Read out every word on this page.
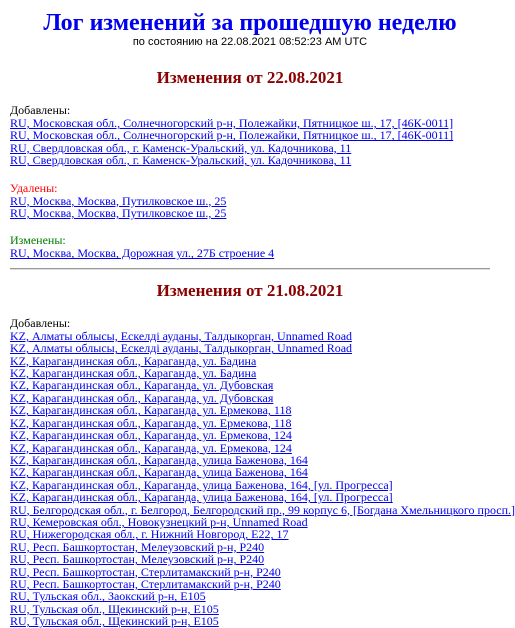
Лог изменений за прошедшую неделю

по состоянию на 22.08.2021 08:52:23 AM UTC

Изменения от 22.08.2021

Добавлены:

RU, Московская обл., Солнечногорский р-н, Полежайки, Пятницкое ш., 17, [46К-0011]
RU, Московская обл., Солнечногорский р-н, Полежайки, Пятницкое ш., 17, [46К-0011]
RU, Свердловская обл., г. Каменск-Уральский, ул. Кадочникова, 11
RU, Свердловская обл., г. Каменск-Уральский, ул. Кадочникова, 11

Удалены:

RU, Москва, Москва, Путилковское ш., 25
RU, Москва, Москва, Путилковское ш., 25

Изменены:

RU, Москва, Москва, Дорожная ул., 27Б строение 4
Изменения от 21.08.2021

Добавлены:

KZ, Алматы облысы, Ескелді ауданы, Талдыкорган, Unnamed Road
KZ, Алматы облысы, Ескелді ауданы, Талдыкорган, Unnamed Road
KZ, Карагандинская обл., Караганда, ул. Бадина
KZ, Карагандинская обл., Караганда, ул. Бадина
KZ, Карагандинская обл., Караганда, ул. Дубовская
KZ, Карагандинская обл., Караганда, ул. Дубовская
KZ, Карагандинская обл., Караганда, ул. Ермекова, 118
KZ, Карагандинская обл., Караганда, ул. Ермекова, 118
KZ, Карагандинская обл., Караганда, ул. Ермекова, 124
KZ, Карагандинская обл., Караганда, ул. Ермекова, 124
KZ, Карагандинская обл., Караганда, улица Баженова, 164
KZ, Карагандинская обл., Караганда, улица Баженова, 164
KZ, Карагандинская обл., Караганда, улица Баженова, 164, [ул. Прогресса]
KZ, Карагандинская обл., Караганда, улица Баженова, 164, [ул. Прогресса]
RU, Белгородская обл., г. Белгород, Белгородский пр., 99 корпус 6, [Богдана Хмельницкого просп.]
RU, Кемеровская обл., Новокузнецкий р-н, Unnamed Road
RU, Нижегородская обл., г. Нижний Новгород, E22, 17
RU, Респ. Башкортостан, Мелеузовский р-н, Р240
RU, Респ. Башкортостан, Мелеузовский р-н, Р240
RU, Респ. Башкортостан, Стерлитамакский р-н, Р240
RU, Респ. Башкортостан, Стерлитамакский р-н, Р240
RU, Тульская обл., Заокский р-н, E105
RU, Тульская обл., Щекинский р-н, E105
RU, Тульская обл., Щекинский р-н, E105
